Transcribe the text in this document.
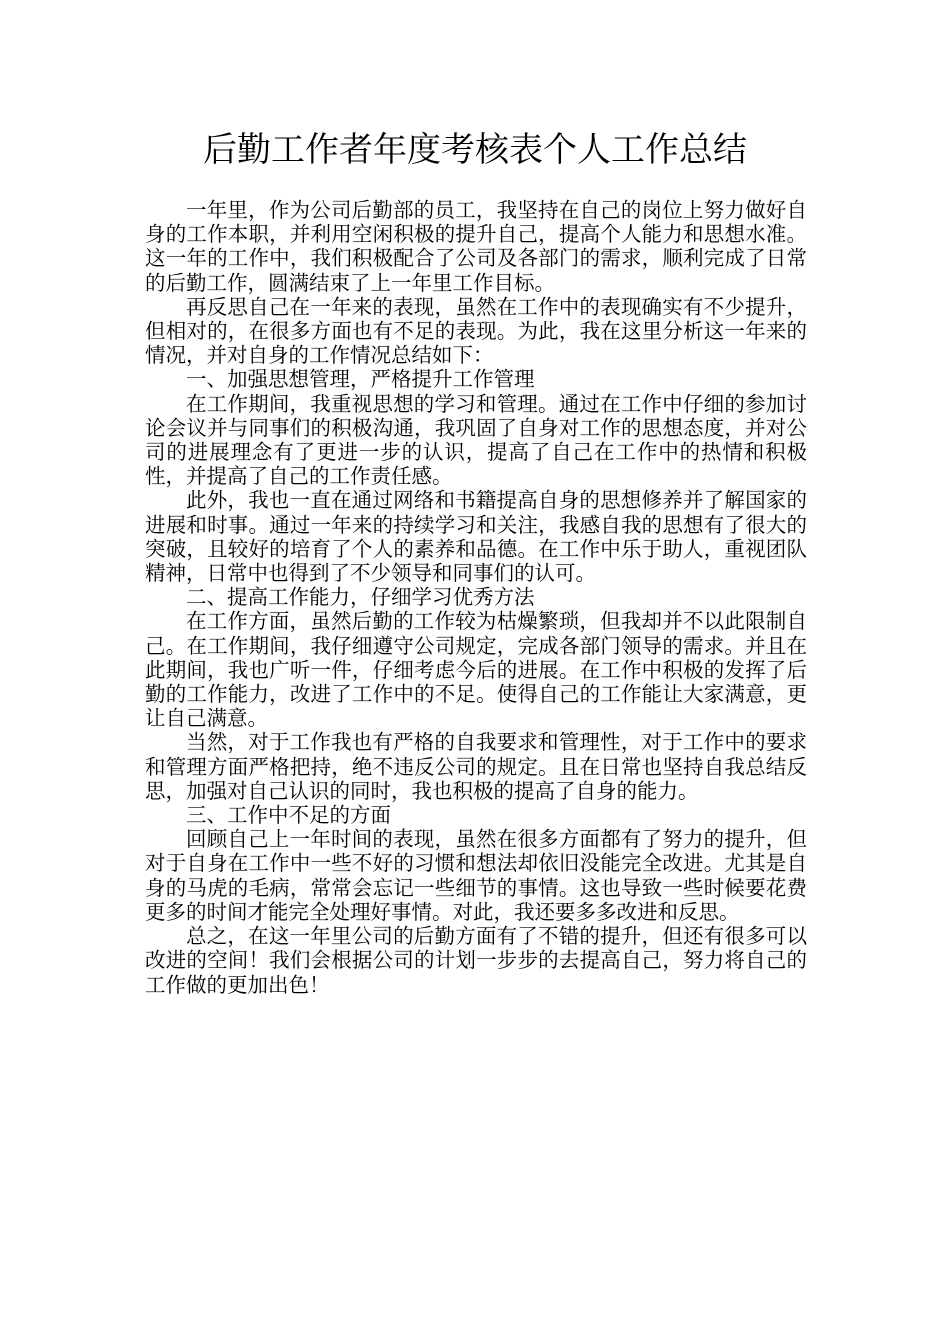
后勤工作者年度考核表个人工作总结

一年里，作为公司后勤部的员工，我坚持在自己的岗位上努力做好自身的工作本职，并利用空闲积极的提升自己，提高个人能力和思想水准。这一年的工作中，我们积极配合了公司及各部门的需求，顺利完成了日常的后勤工作，圆满结束了上一年里工作目标。

再反思自己在一年来的表现，虽然在工作中的表现确实有不少提升，但相对的，在很多方面也有不足的表现。为此，我在这里分析这一年来的情况，并对自身的工作情况总结如下：

一、加强思想管理，严格提升工作管理

在工作期间，我重视思想的学习和管理。通过在工作中仔细的参加讨论会议并与同事们的积极沟通，我巩固了自身对工作的思想态度，并对公司的进展理念有了更进一步的认识，提高了自己在工作中的热情和积极性，并提高了自己的工作责任感。

此外，我也一直在通过网络和书籍提高自身的思想修养并了解国家的进展和时事。通过一年来的持续学习和关注，我感自我的思想有了很大的突破，且较好的培育了个人的素养和品德。在工作中乐于助人，重视团队精神，日常中也得到了不少领导和同事们的认可。

二、提高工作能力，仔细学习优秀方法

在工作方面，虽然后勤的工作较为枯燥繁琐，但我却并不以此限制自己。在工作期间，我仔细遵守公司规定，完成各部门领导的需求。并且在此期间，我也广听一件，仔细考虑今后的进展。在工作中积极的发挥了后勤的工作能力，改进了工作中的不足。使得自己的工作能让大家满意，更让自己满意。

当然，对于工作我也有严格的自我要求和管理性，对于工作中的要求和管理方面严格把持，绝不违反公司的规定。且在日常也坚持自我总结反思，加强对自己认识的同时，我也积极的提高了自身的能力。

三、工作中不足的方面

回顾自己上一年时间的表现，虽然在很多方面都有了努力的提升，但对于自身在工作中一些不好的习惯和想法却依旧没能完全改进。尤其是自身的马虎的毛病，常常会忘记一些细节的事情。这也导致一些时候要花费更多的时间才能完全处理好事情。对此，我还要多多改进和反思。

总之，在这一年里公司的后勤方面有了不错的提升，但还有很多可以改进的空间！我们会根据公司的计划一步步的去提高自己，努力将自己的工作做的更加出色！
